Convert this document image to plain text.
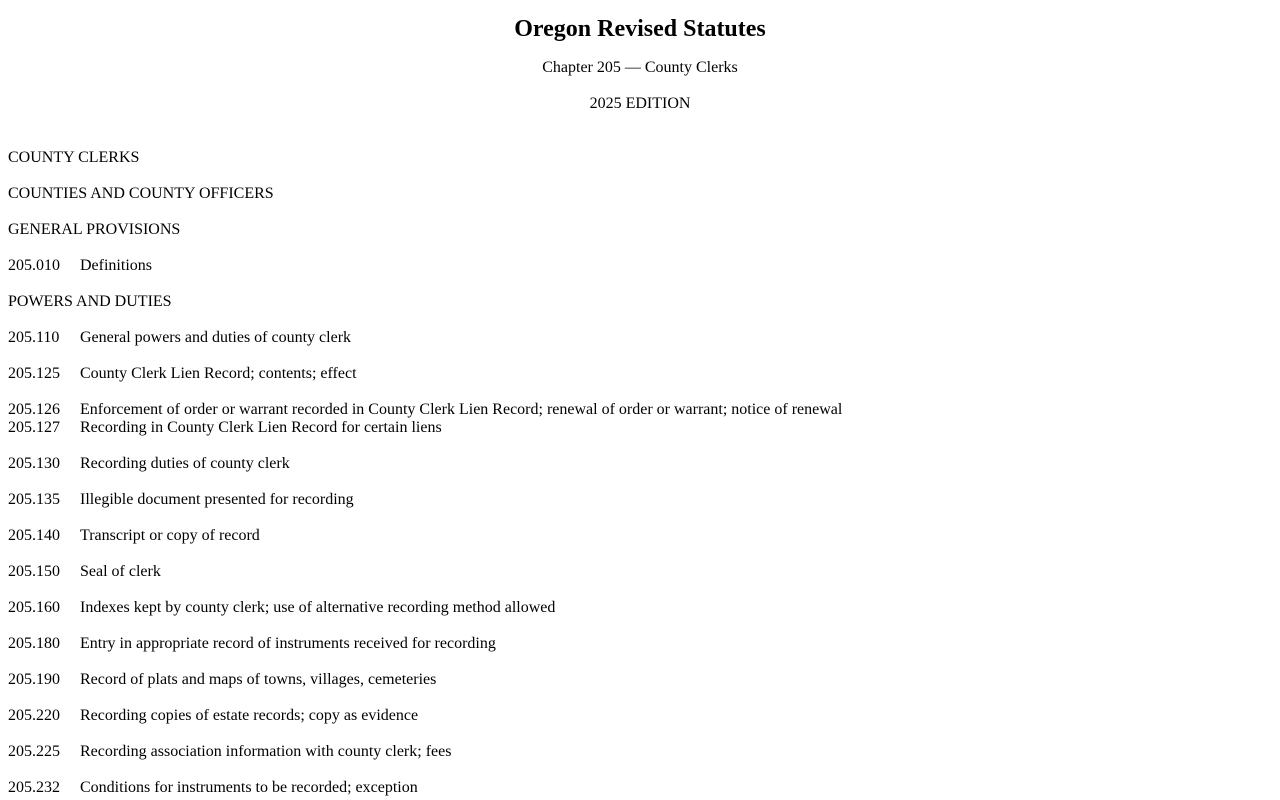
Oregon Revised Statutes
Chapter 205 — County Clerks
2025 EDITION
COUNTY CLERKS
COUNTIES AND COUNTY OFFICERS
GENERAL PROVISIONS
205.010 Definitions
POWERS AND DUTIES
205.110 General powers and duties of county clerk
205.125 County Clerk Lien Record; contents; effect
205.126 Enforcement of order or warrant recorded in County Clerk Lien Record; renewal of order or warrant; notice of renewal
205.127 Recording in County Clerk Lien Record for certain liens
205.130 Recording duties of county clerk
205.135 Illegible document presented for recording
205.140 Transcript or copy of record
205.150 Seal of clerk
205.160 Indexes kept by county clerk; use of alternative recording method allowed
205.180 Entry in appropriate record of instruments received for recording
205.190 Record of plats and maps of towns, villages, cemeteries
205.220 Recording copies of estate records; copy as evidence
205.225 Recording association information with county clerk; fees
205.232 Conditions for instruments to be recorded; exception
